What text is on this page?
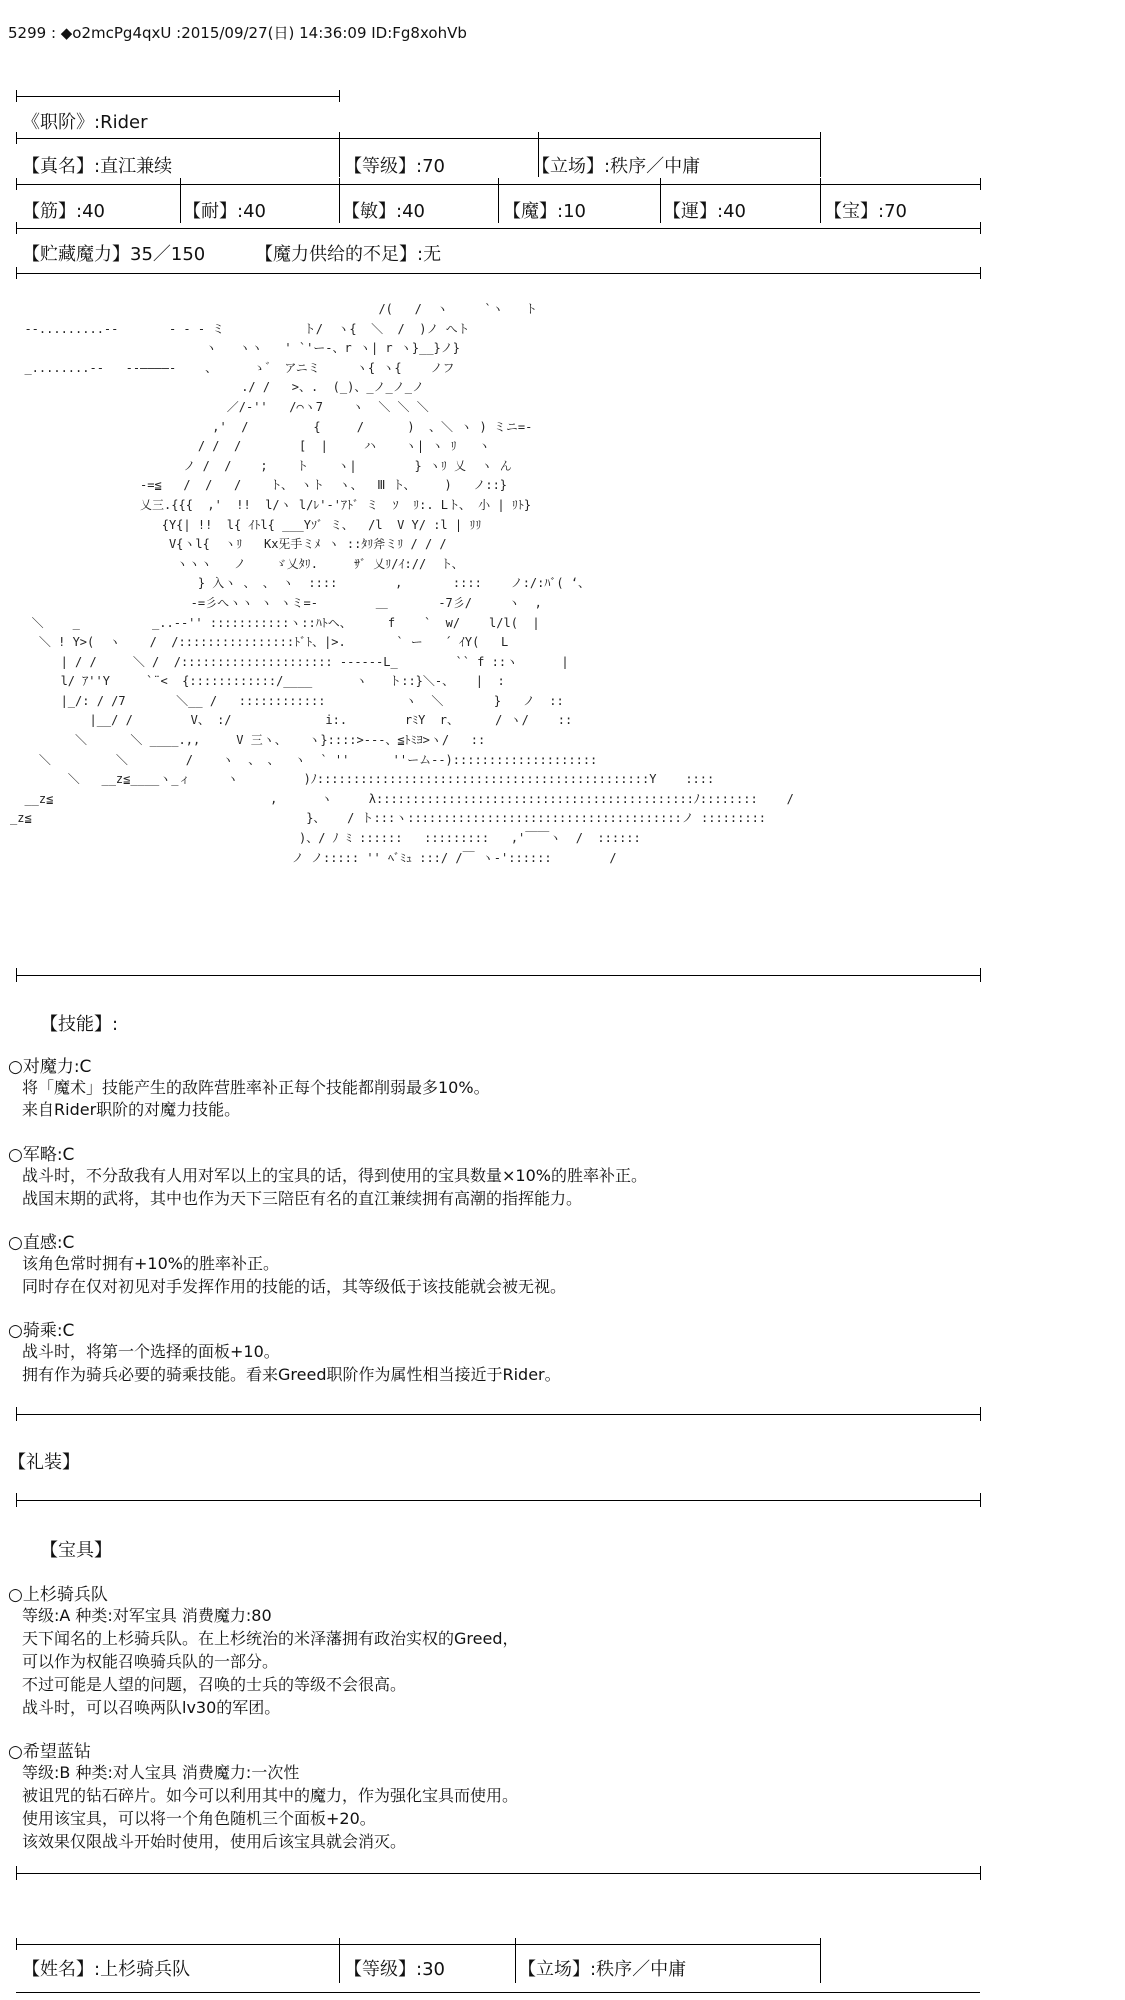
5299 : ◆o2mcPg4qxU :2015/09/27(日) 14:36:09 ID:Fg8xohVb
《职阶》:Rider
【真名】:直江兼续	【等级】:70	【立场】:秩序／中庸
【筋】:40	【耐】:40	【敏】:40	【魔】:10	【運】:40	【宝】:70
【贮藏魔力】35／150	【魔力供给的不足】:无
/(   /  ヽ     `ヽ   ト
--.........--       ‐ ‐ ‐ ミ           ト/  ヽ{  ＼  /  )ノ へト
ヽ   ヽヽ   ' `'ー-、r ヽ| r ヽ}__}ノ}
_........--   -‐――――‐    、     ゝ゛ アニミ     ヽ{ ヽ{    ノフ
./ /   >、.  (_)、_ノ_ノ_ノ
／/‐''   /⌒ヽ7    ヽ  ＼ ＼ ＼
,'  /         {     /      )  、＼ ヽ ) ミニ=-
/ /  /        [  |     ハ    ヽ| ヽ ﾘ   ヽ
ノ /  /    ;    ト    ヽ|        } ヽﾘ 乂  ヽ ん
-=≦   /  /   /    ト、 ヽト  ヽ、  Ⅲ ト、    )   ノ::}
乂三.{{{  ,'  !!  l/ヽ l/ﾚ'‐'ｱﾄﾞ ミ  ｿ  ﾘ:. Lト、 小 | ﾘﾄ}
{Y{| !!  l{ ｲﾄl{ ___Yｿﾞ ミ、  /l  V Y/ :l | ﾘﾘ
V{ヽl{  ヽﾘ   Kx旡手ミﾒ ヽ ::ﾀﾘ斧ミﾘ / / /
ヽヽヽ   ノ    ゞ乂ﾀﾘ.     ｻﾞ 乂ﾘ/ｲ://  ト、
} 入ヽ 、 、 ヽ  ::::        ,       ::::    ノ:/:ﾊﾞ( ‘、
-=彡へヽヽ ヽ ヽミ=-        ＿       -7彡/     ヽ  ,
＼    _          _..--'' :::::::::::ヽ::ﾊﾄヘ、     f    `  w/    l/l(  |
＼ ! Y>(  ヽ    /  /::::::::::::::::ﾄﾞﾄ、|>.       ` ー   ´ ｲY(   L
| / /     ＼ /  /::::::::::::::::::::: --‐‐--L_        `` f ::ヽ      |
l/ ｱ''Y     `¨<  {::::::::::::/____      ヽ   ト::}＼-、   |  :
|_/: / /7       ＼__ /   ::::::::::::           ヽ  ＼       }   ノ  ::
|__/ /        V、 :/             i:.        rﾐY  r、     / ヽ/    ::
＼      ＼ ____.,,     V 三ヽ、   ヽ}::::>-‐-、≦ﾄﾐﾖ>ヽ/   ::
＼         ＼        /    ヽ  、 、  ヽ  ` ''      ''ーム--)::::::::::::::::::::
＼   __z≦____ヽ_ィ     ヽ         )ﾉ::::::::::::::::::::::::::::::::::::::::::::::Y    ::::
__z≦                              ,      ヽ     λ::::::::::::::::::::::::::::::::::::::::::::ﾉ::::::::    /
_z≦                                      }、   / ト:::ヽ::::::::::::::::::::::::::::::::::::::ノ :::::::::
)、/ ﾉ ﾐ ::::::   :::::::::   ,'￣￣ヽ  /  ::::::
ノ ノ::::: '' ﾍﾞﾐｭ :::/ /￣ ヽ-'::::::        /

【技能】:
○对魔力:C
将「魔术」技能产生的敌阵营胜率补正每个技能都削弱最多10%。
来自Rider职阶的对魔力技能。
○军略:C
战斗时，不分敌我有人用对军以上的宝具的话，得到使用的宝具数量×10%的胜率补正。
战国末期的武将，其中也作为天下三陪臣有名的直江兼续拥有高潮的指挥能力。
○直感:C
该角色常时拥有+10%的胜率补正。
同时存在仅对初见对手发挥作用的技能的话，其等级低于该技能就会被无视。
○骑乘:C
战斗时，将第一个选择的面板+10。
拥有作为骑兵必要的骑乘技能。看来Greed职阶作为属性相当接近于Rider。
【礼装】
【宝具】
○上杉骑兵队
等级:A 种类:对军宝具 消费魔力:80
天下闻名的上杉骑兵队。在上杉统治的米泽藩拥有政治实权的Greed，
可以作为权能召唤骑兵队的一部分。
不过可能是人望的问题，召唤的士兵的等级不会很高。
战斗时，可以召唤两队lv30的军团。
○希望蓝钻
等级:B 种类:对人宝具 消费魔力:一次性
被诅咒的钻石碎片。如今可以利用其中的魔力，作为强化宝具而使用。
使用该宝具，可以将一个角色随机三个面板+20。
该效果仅限战斗开始时使用，使用后该宝具就会消灭。
【姓名】:上杉骑兵队	【等级】:30	【立场】:秩序／中庸
